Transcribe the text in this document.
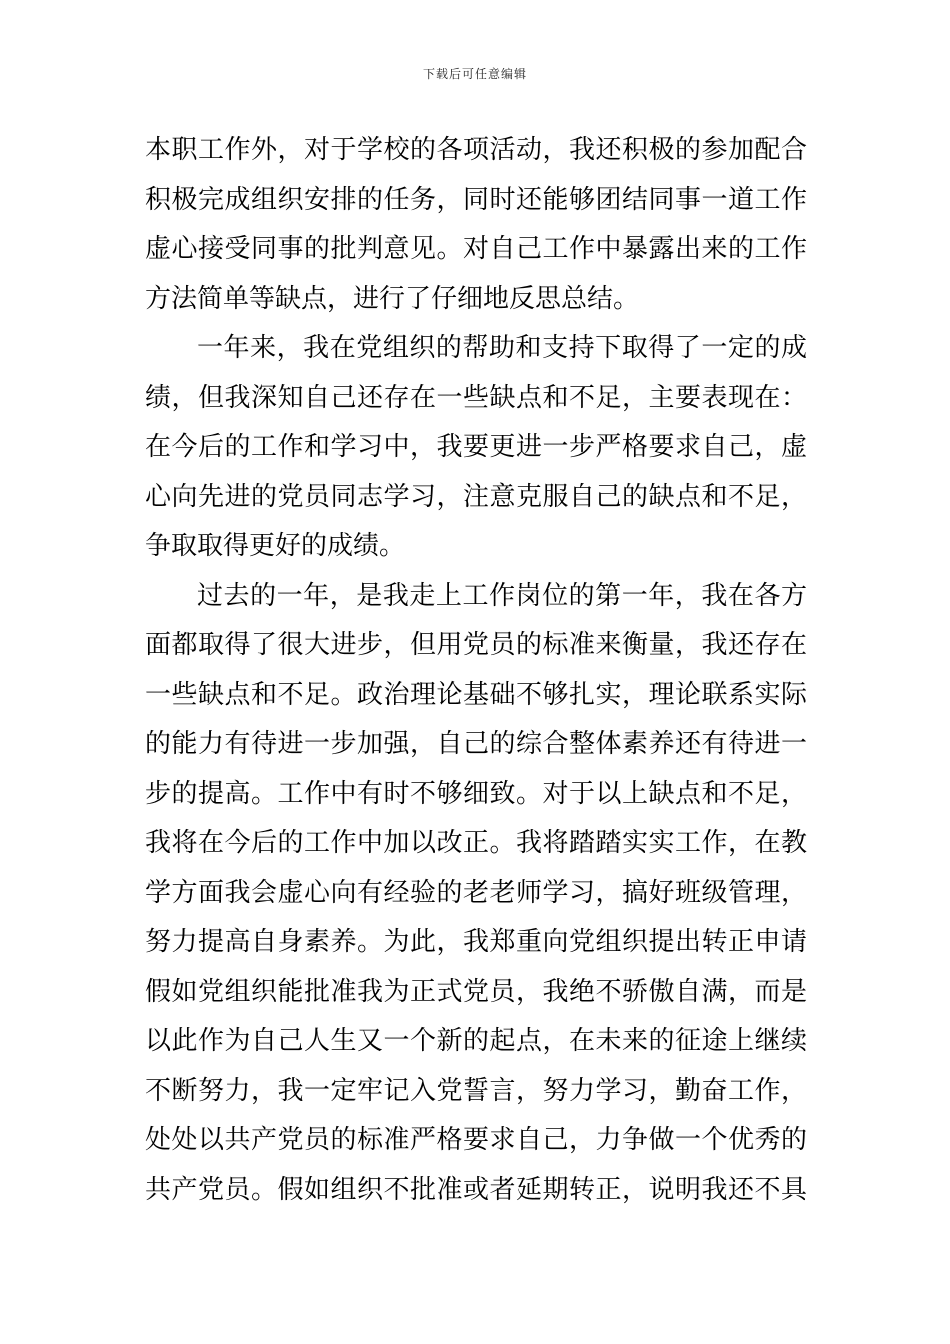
下载后可任意编辑
本职工作外，对于学校的各项活动，我还积极的参加配合
积极完成组织安排的任务，同时还能够团结同事一道工作
虚心接受同事的批判意见。对自己工作中暴露出来的工作
方法简单等缺点，进行了仔细地反思总结。
一年来，我在党组织的帮助和支持下取得了一定的成
绩，但我深知自己还存在一些缺点和不足，主要表现在：
在今后的工作和学习中，我要更进一步严格要求自己，虚
心向先进的党员同志学习，注意克服自己的缺点和不足，
争取取得更好的成绩。
过去的一年，是我走上工作岗位的第一年，我在各方
面都取得了很大进步，但用党员的标准来衡量，我还存在
一些缺点和不足。政治理论基础不够扎实，理论联系实际
的能力有待进一步加强，自己的综合整体素养还有待进一
步的提高。工作中有时不够细致。对于以上缺点和不足，
我将在今后的工作中加以改正。我将踏踏实实工作，在教
学方面我会虚心向有经验的老老师学习，搞好班级管理，
努力提高自身素养。为此，我郑重向党组织提出转正申请
假如党组织能批准我为正式党员，我绝不骄傲自满，而是
以此作为自己人生又一个新的起点，在未来的征途上继续
不断努力，我一定牢记入党誓言，努力学习，勤奋工作，
处处以共产党员的标准严格要求自己，力争做一个优秀的
共产党员。假如组织不批准或者延期转正，说明我还不具
